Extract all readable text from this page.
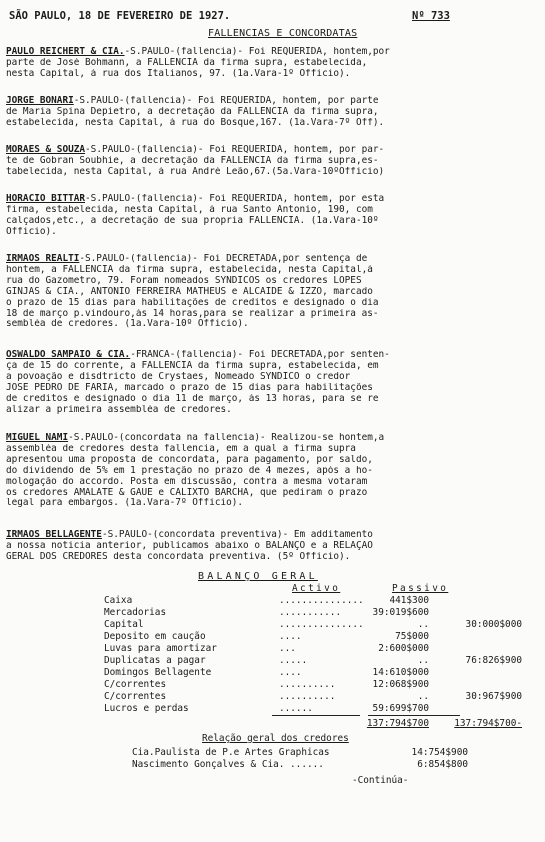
SÃO PAULO, 18 DE FEVEREIRO DE 1927.	Nº 733
FALLENCIAS E CONCORDATAS
PAULO REICHERT & CIA.-S.PAULO-(fallencia)- Foi REQUERIDA, hontem,por
parte de José Bohmann, a FALLENCIA da firma supra, estabelecida,
nesta Capital, á rua dos Italianos, 97. (1a.Vara-1º Officio).
JORGE BONARI-S.PAULO-(fallencia)- Foi REQUERIDA, hontem, por parte
de Maria Spina Depietro, a decretação da FALLENCIA da firma supra,
estabelecida, nesta Capital, á rua do Bosque,167. (1a.Vara-7º Off).
MORAES & SOUZA-S.PAULO-(fallencia)- Foi REQUERIDA, hontem, por par-
te de Gobran Soubhie, a decretação da FALLENCIA da firma supra,es-
tabelecida, nesta Capital, á rua André Leão,67.(5a.Vara-10ºOfficio)
HORACIO BITTAR-S.PAULO-(fallencia)- Foi REQUERIDA, hontem, por esta
firma, estabelecida, nesta Capital, á rua Santo Antonio, 190, com
calçados,etc., a decretação de sua propria FALLENCIA. (1a.Vara-10º
Officio).
IRMÃOS REALTI-S.PAULO-(fallencia)- Foi DECRETADA,por sentença de
hontem, a FALLENCIA da firma supra, estabelecida, nesta Capital,á
rua do Gazometro, 79. Foram nomeados SYNDICOS os credores LOPES
GINJAS & CIA., ANTONIO FERREIRA MATHEUS e ALCAIDE & IZZO, marcado
o prazo de 15 dias para habilitações de creditos e designado o dia
18 de março p.vindouro,ás 14 horas,para se realizar a primeira as-
sembléa de credores. (1a.Vara-10º Officio).
OSWALDO SAMPAIO & CIA.-FRANCA-(fallencia)- Foi DECRETADA,por senten-
ça de 15 do corrente, a FALLENCIA da firma supra, estabelecida, em
a povoação e disdtricto de Crystaes, Nomeado SYNDICO o credor
JOSÉ PEDRO DE FARIA, marcado o prazo de 15 dias para habilitações
de creditos e designado o dia 11 de março, ás 13 horas, para se re
alizar a primeira assembléa de credores.
MIGUEL NAMI-S.PAULO-(concordata na fallencia)- Realizou-se hontem,a
assembléa de credores desta fallencia, em a qual a firma supra
apresentou uma proposta de concordata, para pagamento, por saldo,
do dividendo de 5% em 1 prestação no prazo de 4 mezes, após a ho-
mologação do accordo. Posta em discussão, contra a mesma votaram
os credores AMALATE & GAUE e CALIXTO BARCHA, que pediram o prazo
legal para embargos. (1a.Vara-7º Officio).
IRMÃOS BELLAGENTE-S.PAULO-(concordata preventiva)- Em additamento
a nossa noticia anterior, publicamos abaixo o BALANÇO e a RELAÇÃO
GERAL DOS CREDORES desta concordata preventiva. (5º Officio).
BALANÇO GERAL
Activo	Passivo
Caixa	...............	441$300
Mercadorias	...........	39:019$600
Capital	...............	..	30:000$000
Deposito em caução	....	75$000
Luvas para amortizar	...	2:600$000
Duplicatas a pagar	.....	..	76:826$900
Domingos Bellagente	....	14:610$000
C/correntes	..........	12:068$900
C/correntes	..........	..	30:967$900
Lucros e perdas	......	59:699$700
137:794$700	137:794$700-
Relação geral dos credores
Cia.Paulista de P.e Artes Graphicas	14:754$900
Nascimento Gonçalves & Cia. ......	6:854$800
-Continúa-
